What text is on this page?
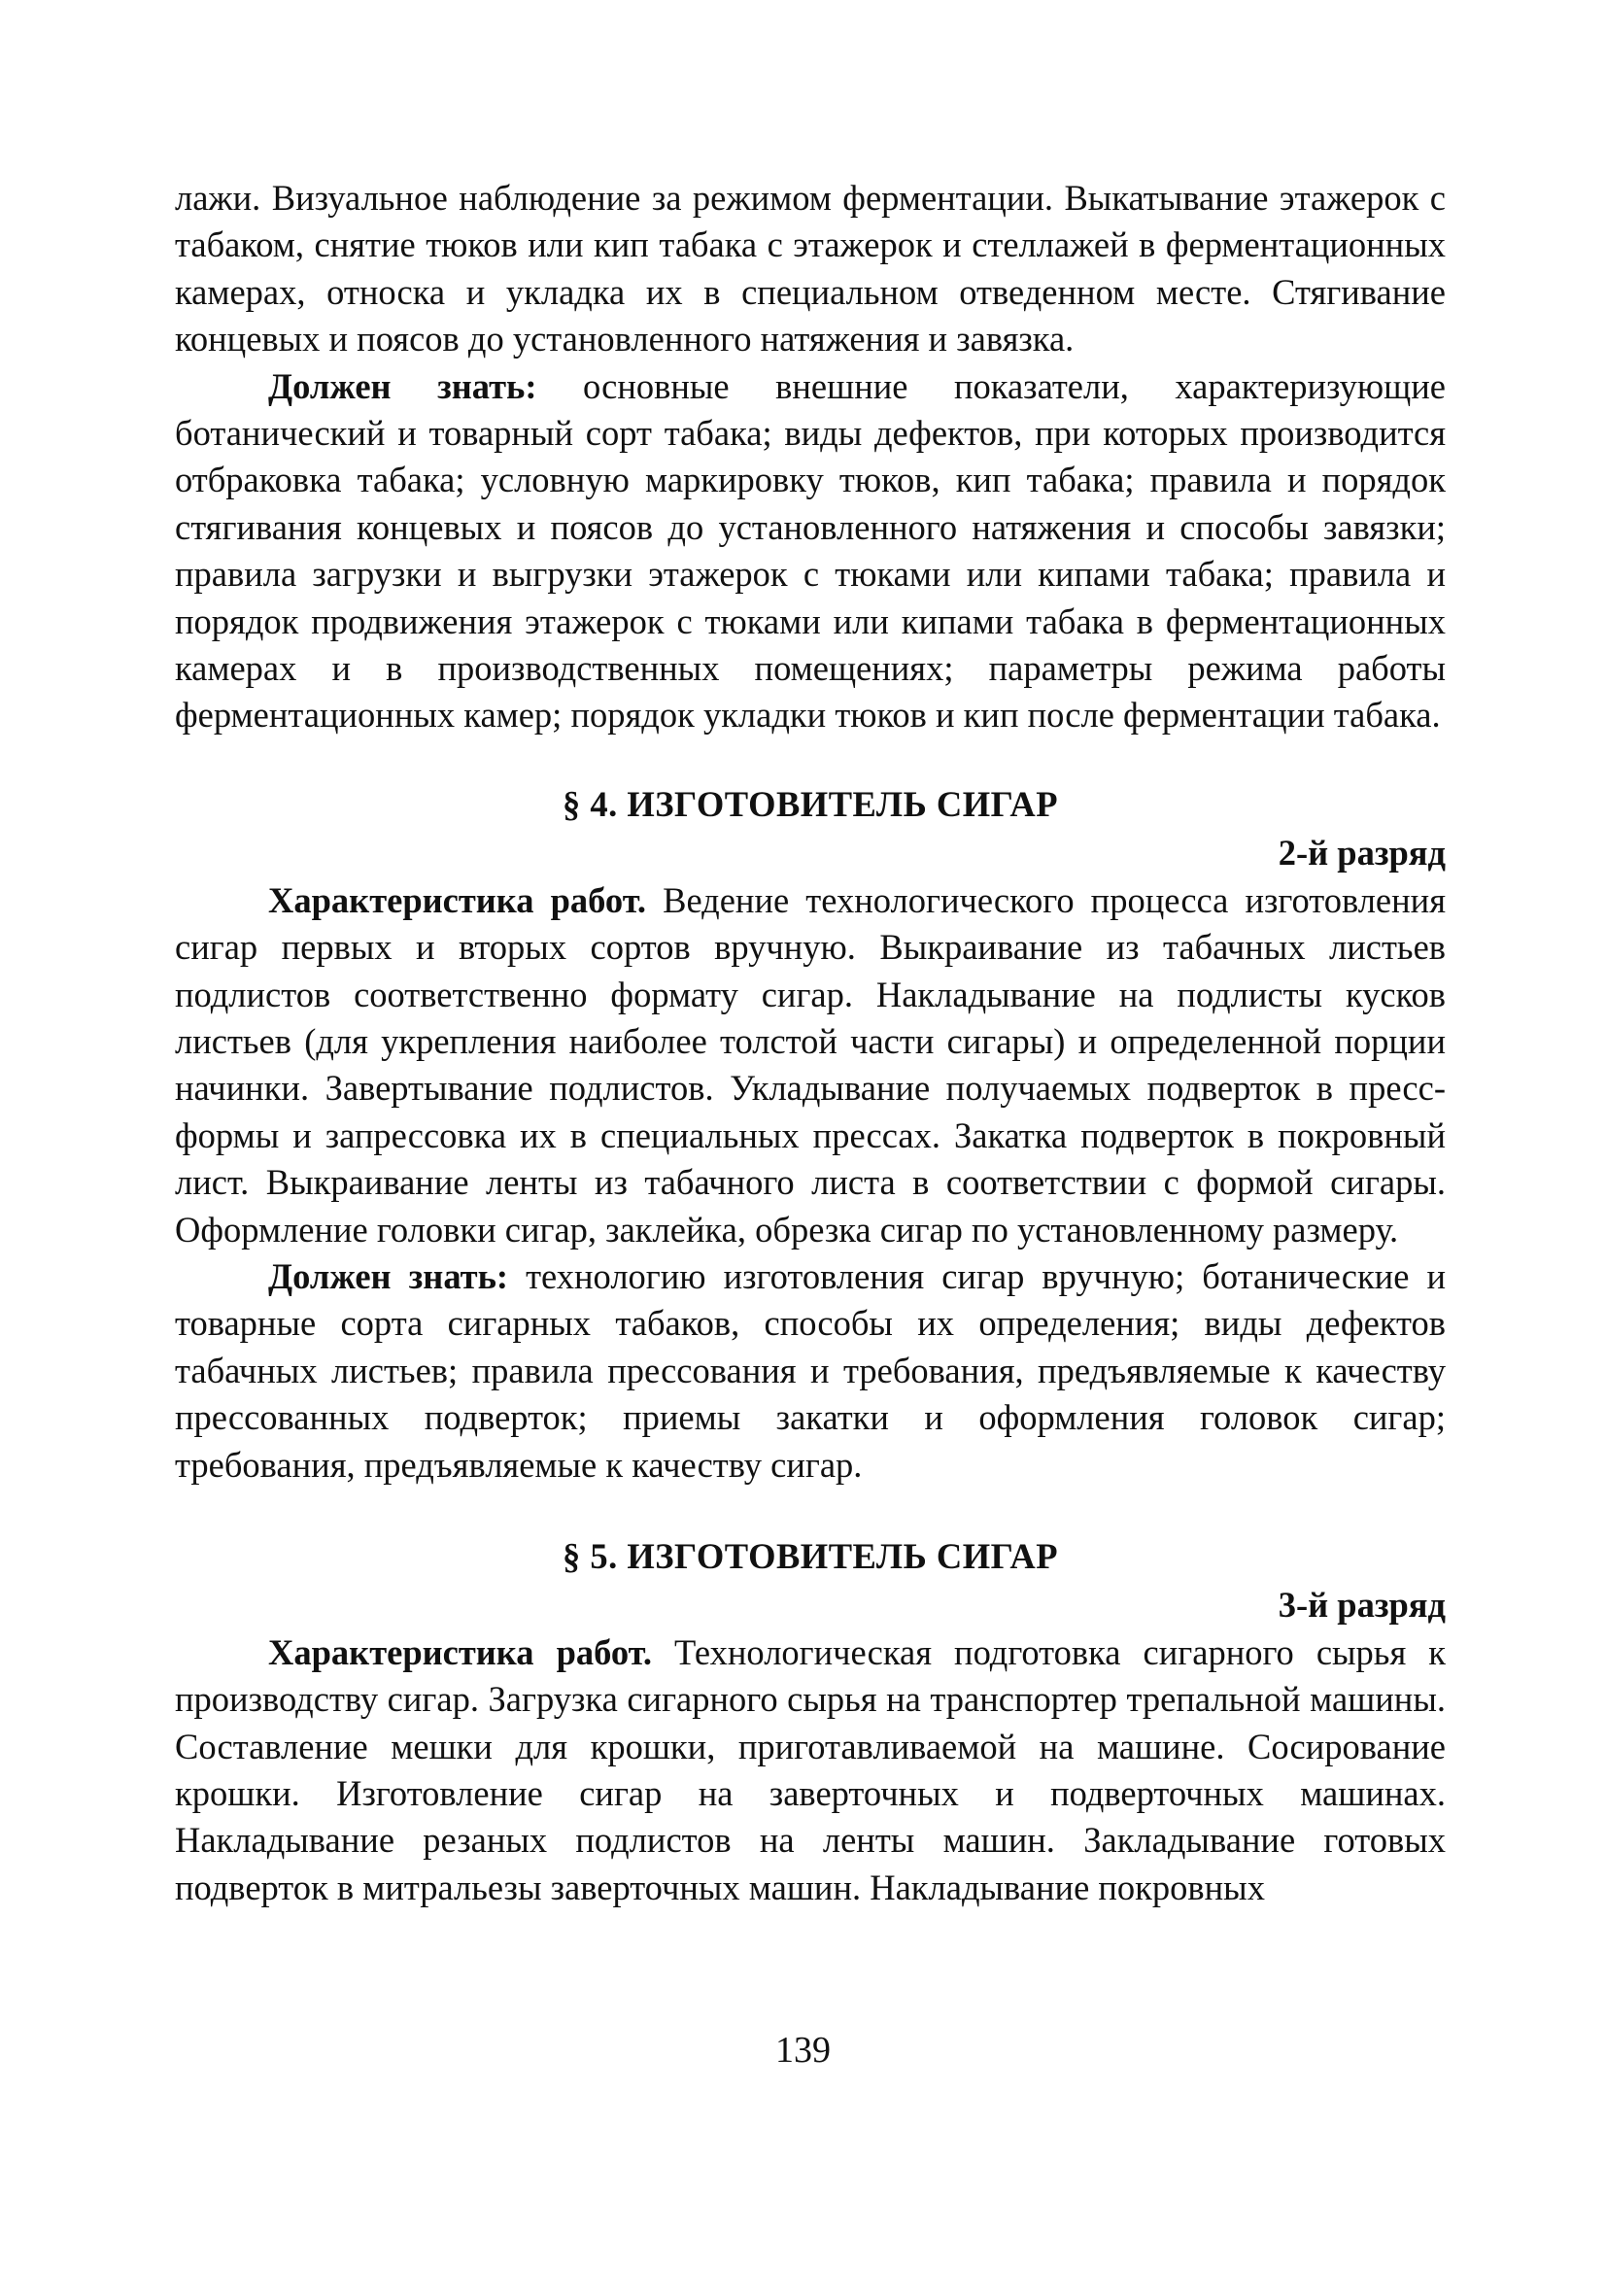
лажи. Визуальное наблюдение за режимом ферментации. Выкатывание этажерок с табаком, снятие тюков или кип табака с этажерок и стеллажей в ферментационных камерах, относка и укладка их в специальном отведенном месте. Стягивание концевых и поясов до установленного натяжения и завязка.

Должен знать: основные внешние показатели, характеризующие ботанический и товарный сорт табака; виды дефектов, при которых производится отбраковка табака; условную маркировку тюков, кип табака; правила и порядок стягивания концевых и поясов до установленного натяжения и способы завязки; правила загрузки и выгрузки этажерок с тюками или кипами табака; правила и порядок продвижения этажерок с тюками или кипами табака в ферментационных камерах и в производственных помещениях; параметры режима работы ферментационных камер; порядок укладки тюков и кип после ферментации табака.

§ 4. ИЗГОТОВИТЕЛЬ СИГАР

2-й разряд

Характеристика работ. Ведение технологического процесса изготовления сигар первых и вторых сортов вручную. Выкраивание из табачных листьев подлистов соответственно формату сигар. Накладывание на подлисты кусков листьев (для укрепления наиболее толстой части сигары) и определенной порции начинки. Завертывание подлистов. Укладывание получаемых подверток в пресс-формы и запрессовка их в специальных прессах. Закатка подверток в покровный лист. Выкраивание ленты из табачного листа в соответствии с формой сигары. Оформление головки сигар, заклейка, обрезка сигар по установленному размеру.

Должен знать: технологию изготовления сигар вручную; ботанические и товарные сорта сигарных табаков, способы их определения; виды дефектов табачных листьев; правила прессования и требования, предъявляемые к качеству прессованных подверток; приемы закатки и оформления головок сигар; требования, предъявляемые к качеству сигар.

§ 5. ИЗГОТОВИТЕЛЬ СИГАР

3-й разряд

Характеристика работ. Технологическая подготовка сигарного сырья к производству сигар. Загрузка сигарного сырья на транспортер трепальной машины. Составление мешки для крошки, приготавливаемой на машине. Сосирование крошки. Изготовление сигар на заверточных и подверточных машинах. Накладывание резаных подлистов на ленты машин. Закладывание готовых подверток в митральезы заверточных машин. Накладывание покровных

139
